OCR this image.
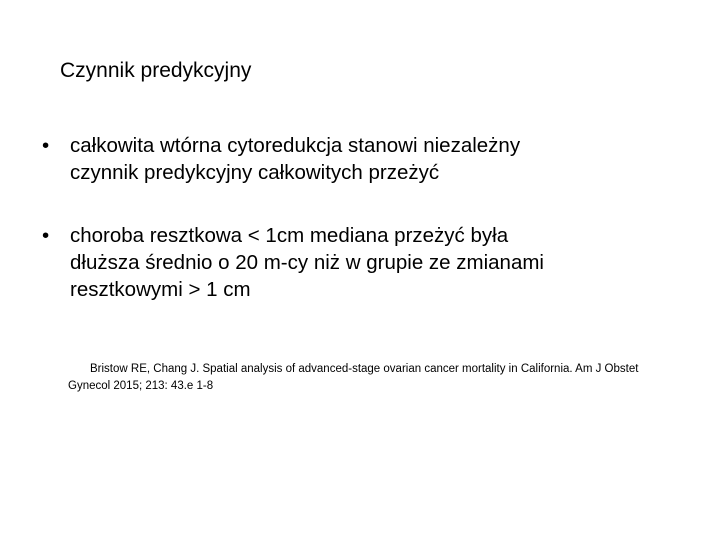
Czynnik predykcyjny
• całkowita wtórna cytoredukcja stanowi niezależny
czynnik predykcyjny całkowitych przeżyć
• choroba resztkowa < 1cm mediana przeżyć była
dłuższa średnio o 20 m-cy niż w grupie ze zmianami
resztkowymi > 1 cm
Bristow RE, Chang J. Spatial analysis of advanced-stage ovarian cancer mortality in California. Am J Obstet
Gynecol 2015; 213: 43.e 1-8
